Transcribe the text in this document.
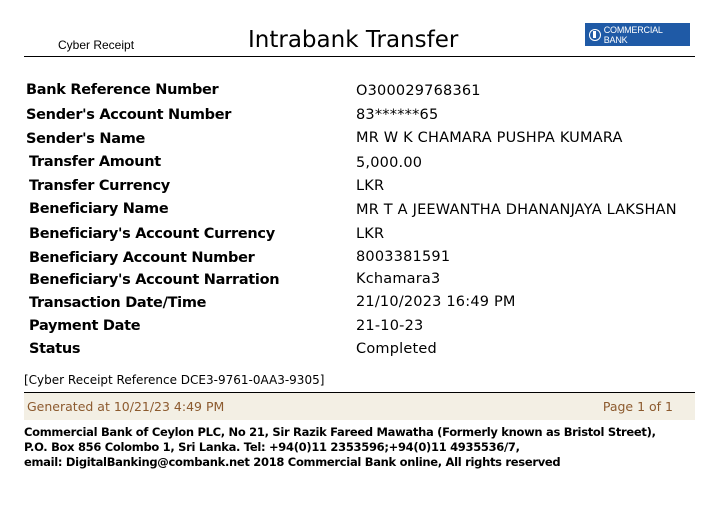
Cyber Receipt	Intrabank Transfer	COMMERCIAL BANK
Bank Reference Number	O300029768361
Sender's Account Number	83******65
Sender's Name	MR W K CHAMARA PUSHPA KUMARA
Transfer Amount	5,000.00
Transfer Currency	LKR
Beneficiary Name	MR T A JEEWANTHA DHANANJAYA LAKSHAN
Beneficiary's Account Currency	LKR
Beneficiary Account Number	8003381591
Beneficiary's Account Narration	Kchamara3
Transaction Date/Time	21/10/2023 16:49 PM
Payment Date	21-10-23
Status	Completed
[Cyber Receipt Reference DCE3-9761-0AA3-9305]
Generated at 10/21/23 4:49 PM	Page 1 of 1
Commercial Bank of Ceylon PLC, No 21, Sir Razik Fareed Mawatha (Formerly known as Bristol Street),
P.O. Box 856 Colombo 1, Sri Lanka. Tel: +94(0)11 2353596;+94(0)11 4935536/7,
email: DigitalBanking@combank.net 2018 Commercial Bank online, All rights reserved
